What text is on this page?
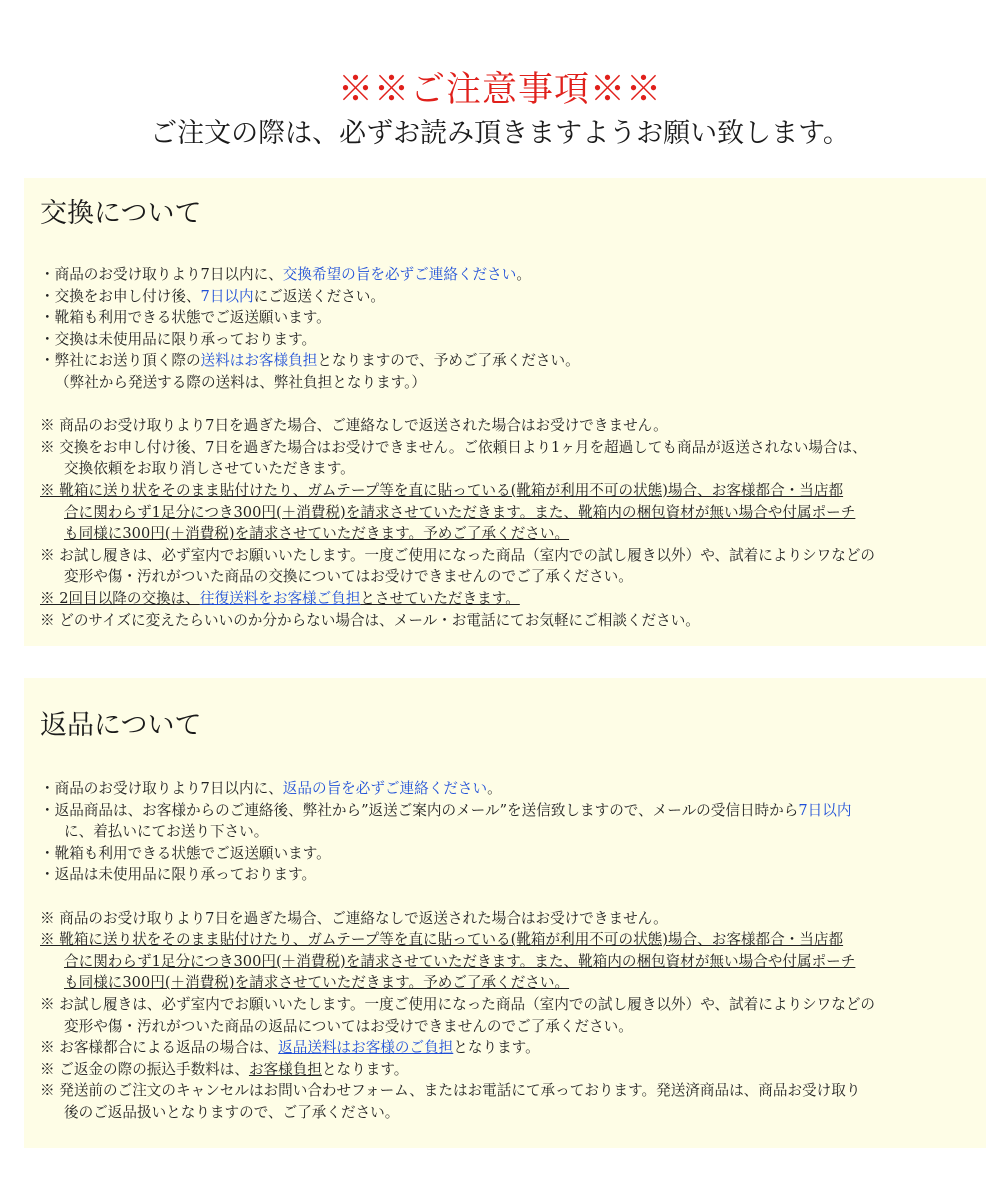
※※ご注意事項※※
ご注文の際は、必ずお読み頂きますようお願い致します。
交換について
・商品のお受け取りより7日以内に、交換希望の旨を必ずご連絡ください。
・交換をお申し付け後、7日以内にご返送ください。
・靴箱も利用できる状態でご返送願います。
・交換は未使用品に限り承っております。
・弊社にお送り頂く際の送料はお客様負担となりますので、予めご了承ください。
（弊社から発送する際の送料は、弊社負担となります。）
※ 商品のお受け取りより7日を過ぎた場合、ご連絡なしで返送された場合はお受けできません。
※ 交換をお申し付け後、7日を過ぎた場合はお受けできません。ご依頼日より1ヶ月を超過しても商品が返送されない場合は、
交換依頼をお取り消しさせていただきます。
※ 靴箱に送り状をそのまま貼付けたり、ガムテープ等を直に貼っている(靴箱が利用不可の状態)場合、お客様都合・当店都
合に関わらず1足分につき300円(＋消費税)を請求させていただきます。また、靴箱内の梱包資材が無い場合や付属ポーチ
も同様に300円(＋消費税)を請求させていただきます。予めご了承ください。
※ お試し履きは、必ず室内でお願いいたします。一度ご使用になった商品（室内での試し履き以外）や、試着によりシワなどの
変形や傷・汚れがついた商品の交換についてはお受けできませんのでご了承ください。
※ 2回目以降の交換は、往復送料をお客様ご負担とさせていただきます。
※ どのサイズに変えたらいいのか分からない場合は、メール・お電話にてお気軽にご相談ください。
返品について
・商品のお受け取りより7日以内に、返品の旨を必ずご連絡ください。
・返品商品は、お客様からのご連絡後、弊社から”返送ご案内のメール”を送信致しますので、メールの受信日時から7日以内
に、着払いにてお送り下さい。
・靴箱も利用できる状態でご返送願います。
・返品は未使用品に限り承っております。
※ 商品のお受け取りより7日を過ぎた場合、ご連絡なしで返送された場合はお受けできません。
※ 靴箱に送り状をそのまま貼付けたり、ガムテープ等を直に貼っている(靴箱が利用不可の状態)場合、お客様都合・当店都
合に関わらず1足分につき300円(＋消費税)を請求させていただきます。また、靴箱内の梱包資材が無い場合や付属ポーチ
も同様に300円(＋消費税)を請求させていただきます。予めご了承ください。
※ お試し履きは、必ず室内でお願いいたします。一度ご使用になった商品（室内での試し履き以外）や、試着によりシワなどの
変形や傷・汚れがついた商品の返品についてはお受けできませんのでご了承ください。
※ お客様都合による返品の場合は、返品送料はお客様のご負担となります。
※ ご返金の際の振込手数料は、お客様負担となります。
※ 発送前のご注文のキャンセルはお問い合わせフォーム、またはお電話にて承っております。発送済商品は、商品お受け取り
後のご返品扱いとなりますので、ご了承ください。
